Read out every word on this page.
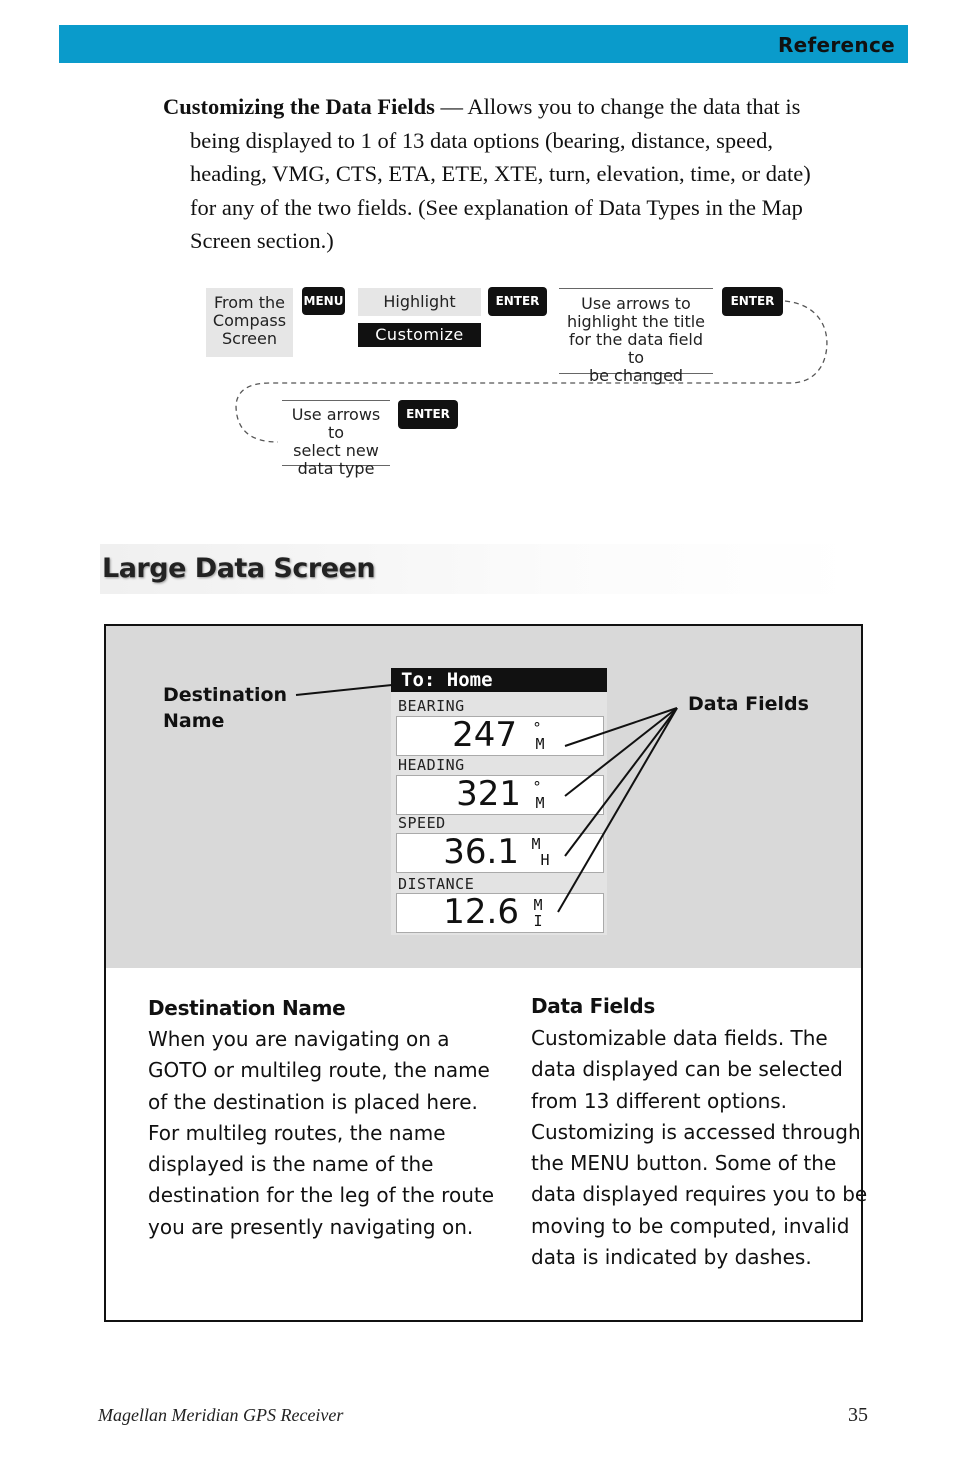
Reference
Customizing the Data Fields — Allows you to change the data that is
being displayed to 1 of 13 data options (bearing, distance, speed,
heading, VMG, CTS, ETA, ETE, XTE, turn, elevation, time, or date)
for any of the two fields. (See explanation of Data Types in the Map
Screen section.)
From the
Compass
Screen
MENU	Highlight
Customize
ENTER	Use arrows to
highlight the title
for the data field to
be changed
ENTER
Use arrows to
select new
data type
ENTER
Large Data Screen
Destination
Name
Data Fields
To: Home
BEARING
247	°
M
HEADING
321 °
M
SPEED
36.1 M
H
DISTANCE
12.6 M
I
Destination Name
When you are navigating on a
GOTO or multileg route, the name
of the destination is placed here.
For multileg routes, the name
displayed is the name of the
destination for the leg of the route
you are presently navigating on.
Data Fields
Customizable data fields. The
data displayed can be selected
from 13 different options.
Customizing is accessed through
the MENU button. Some of the
data displayed requires you to be
moving to be computed, invalid
data is indicated by dashes.
Magellan Meridian GPS Receiver	35
